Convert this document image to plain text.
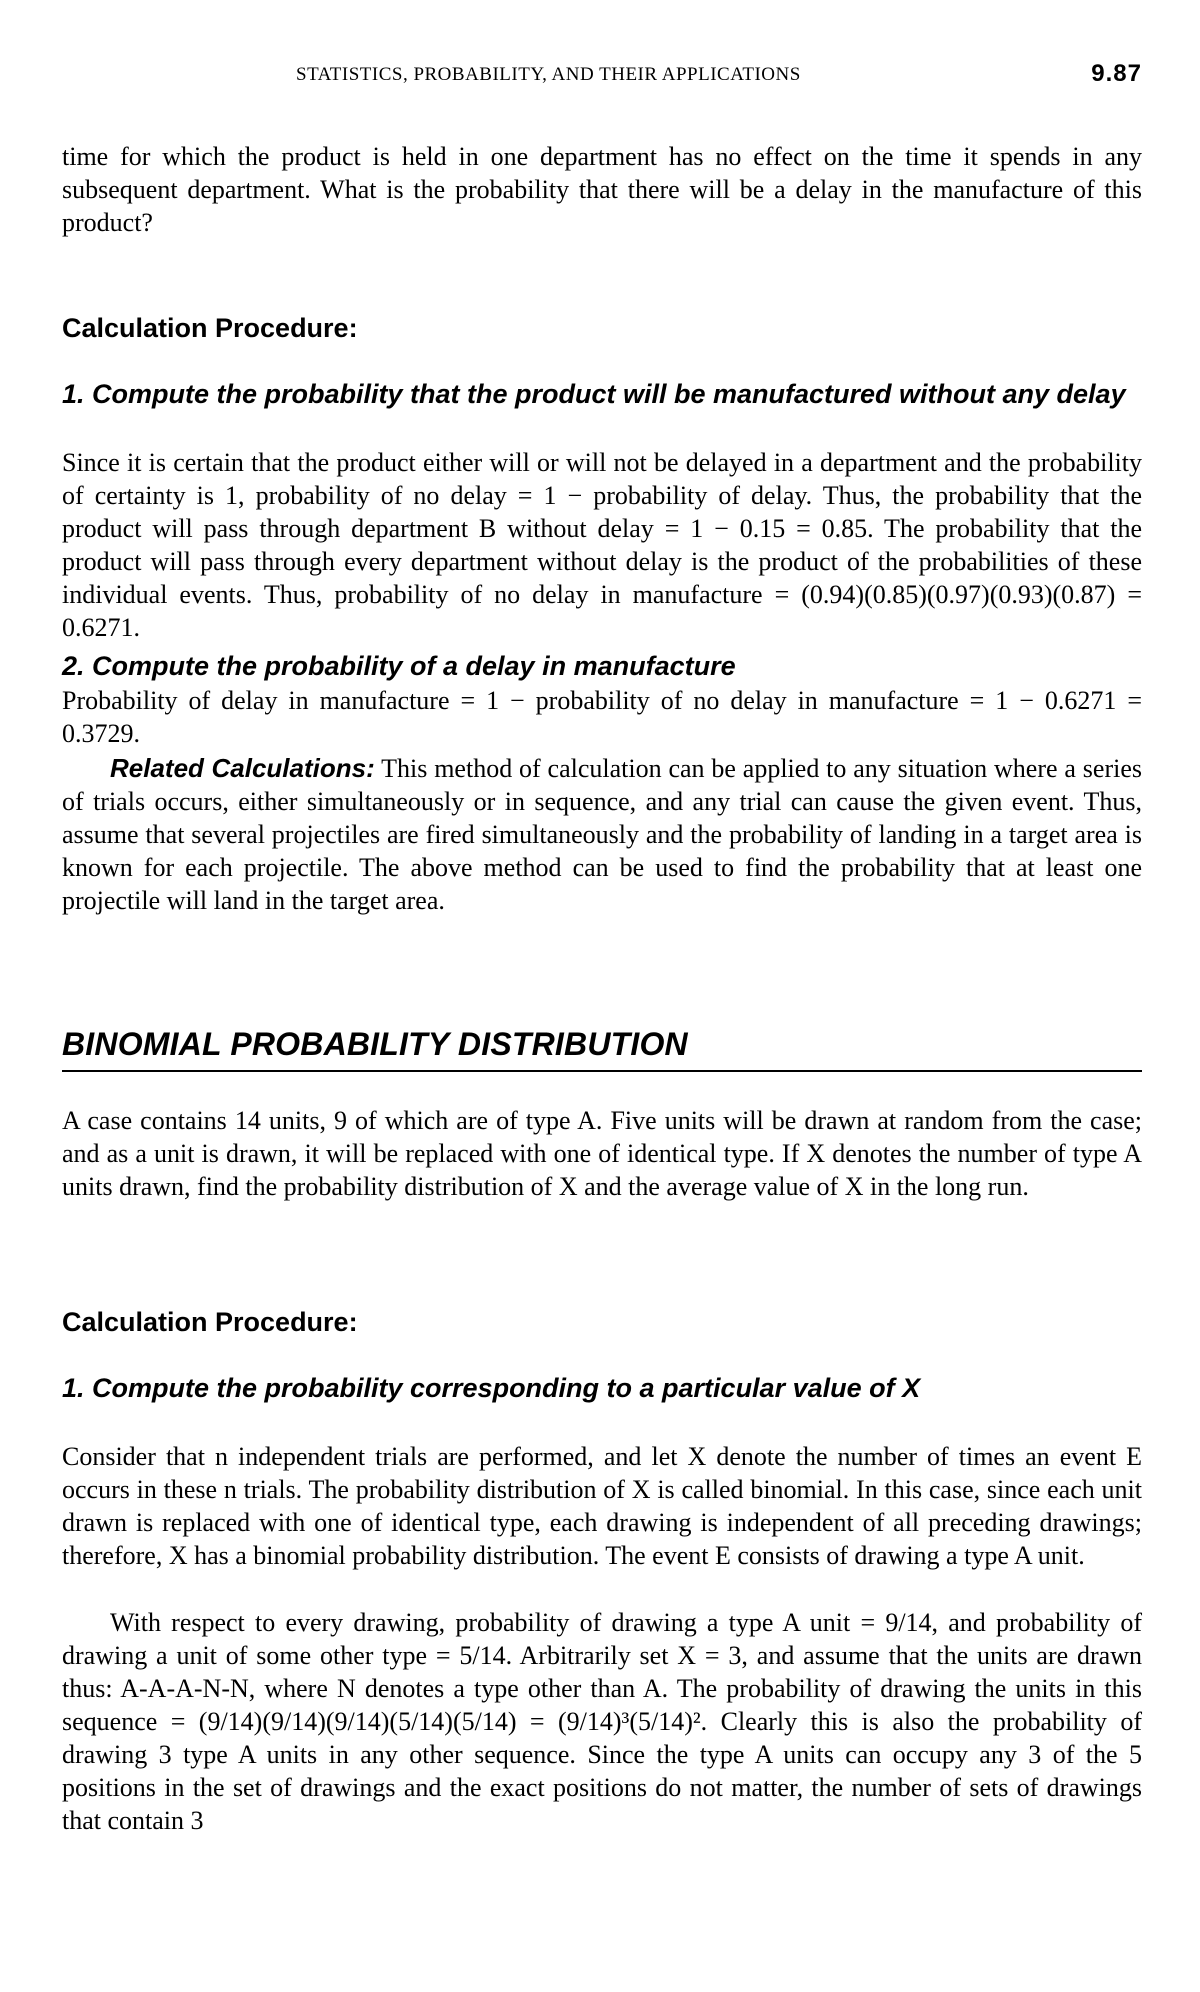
STATISTICS, PROBABILITY, AND THEIR APPLICATIONS	9.87

time for which the product is held in one department has no effect on the time it spends in any subsequent department. What is the probability that there will be a delay in the manufacture of this product?

Calculation Procedure:

1. Compute the probability that the product will be manufactured without any delay

Since it is certain that the product either will or will not be delayed in a department and the probability of certainty is 1, probability of no delay = 1 − probability of delay. Thus, the probability that the product will pass through department B without delay = 1 − 0.15 = 0.85. The probability that the product will pass through every department without delay is the product of the probabilities of these individual events. Thus, probability of no delay in manufacture = (0.94)(0.85)(0.97)(0.93)(0.87) = 0.6271.

2. Compute the probability of a delay in manufacture

Probability of delay in manufacture = 1 − probability of no delay in manufacture = 1 − 0.6271 = 0.3729.

Related Calculations: This method of calculation can be applied to any situation where a series of trials occurs, either simultaneously or in sequence, and any trial can cause the given event. Thus, assume that several projectiles are fired simultaneously and the probability of landing in a target area is known for each projectile. The above method can be used to find the probability that at least one projectile will land in the target area.

BINOMIAL PROBABILITY DISTRIBUTION

A case contains 14 units, 9 of which are of type A. Five units will be drawn at random from the case; and as a unit is drawn, it will be replaced with one of identical type. If X denotes the number of type A units drawn, find the probability distribution of X and the average value of X in the long run.

Calculation Procedure:

1. Compute the probability corresponding to a particular value of X

Consider that n independent trials are performed, and let X denote the number of times an event E occurs in these n trials. The probability distribution of X is called binomial. In this case, since each unit drawn is replaced with one of identical type, each drawing is independent of all preceding drawings; therefore, X has a binomial probability distribution. The event E consists of drawing a type A unit.

With respect to every drawing, probability of drawing a type A unit = 9/14, and probability of drawing a unit of some other type = 5/14. Arbitrarily set X = 3, and assume that the units are drawn thus: A-A-A-N-N, where N denotes a type other than A. The probability of drawing the units in this sequence = (9/14)(9/14)(9/14)(5/14)(5/14) = (9/14)³(5/14)². Clearly this is also the probability of drawing 3 type A units in any other sequence. Since the type A units can occupy any 3 of the 5 positions in the set of drawings and the exact positions do not matter, the number of sets of drawings that contain 3
